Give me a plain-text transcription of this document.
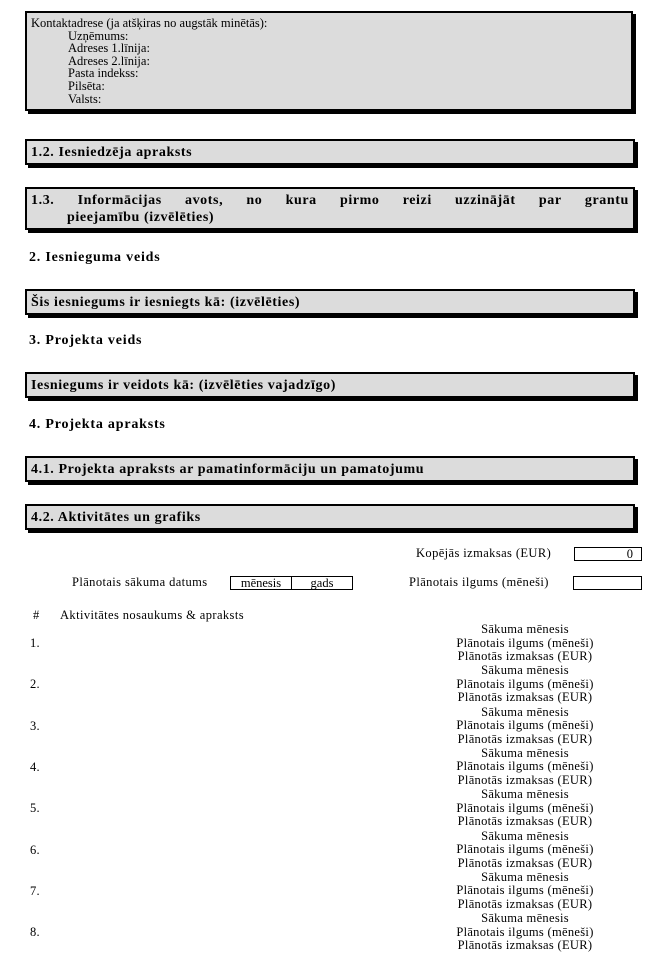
Kontaktadrese (ja atšķiras no augstāk minētās):
Uzņēmums:
Adreses 1.līnija:
Adreses 2.līnija:
Pasta indekss:
Pilsēta:
Valsts:
1.2. Iesniedzēja apraksts
1.3. Informācijas avots, no kura pirmo reizi uzzinājāt par grantu
pieejamību (izvēlēties)
2. Iesnieguma veids
Šis iesniegums ir iesniegts kā: (izvēlēties)
3. Projekta veids
Iesniegums ir veidots kā: (izvēlēties vajadzīgo)
4. Projekta apraksts
4.1. Projekta apraksts ar pamatinformāciju un pamatojumu
4.2. Aktivitātes un grafiks
Kopējās izmaksas (EUR)	0
Plānotais sākuma datums	mēnesis	gads	Plānotais ilgums (mēneši)
# Aktivitātes nosaukums & apraksts
1.
Sākuma mēnesis
Plānotais ilgums (mēneši)
Plānotās izmaksas (EUR)
2.
Sākuma mēnesis
Plānotais ilgums (mēneši)
Plānotās izmaksas (EUR)
3.
Sākuma mēnesis
Plānotais ilgums (mēneši)
Plānotās izmaksas (EUR)
4.
Sākuma mēnesis
Plānotais ilgums (mēneši)
Plānotās izmaksas (EUR)
5.
Sākuma mēnesis
Plānotais ilgums (mēneši)
Plānotās izmaksas (EUR)
6.
Sākuma mēnesis
Plānotais ilgums (mēneši)
Plānotās izmaksas (EUR)
7.
Sākuma mēnesis
Plānotais ilgums (mēneši)
Plānotās izmaksas (EUR)
8.
Sākuma mēnesis
Plānotais ilgums (mēneši)
Plānotās izmaksas (EUR)
